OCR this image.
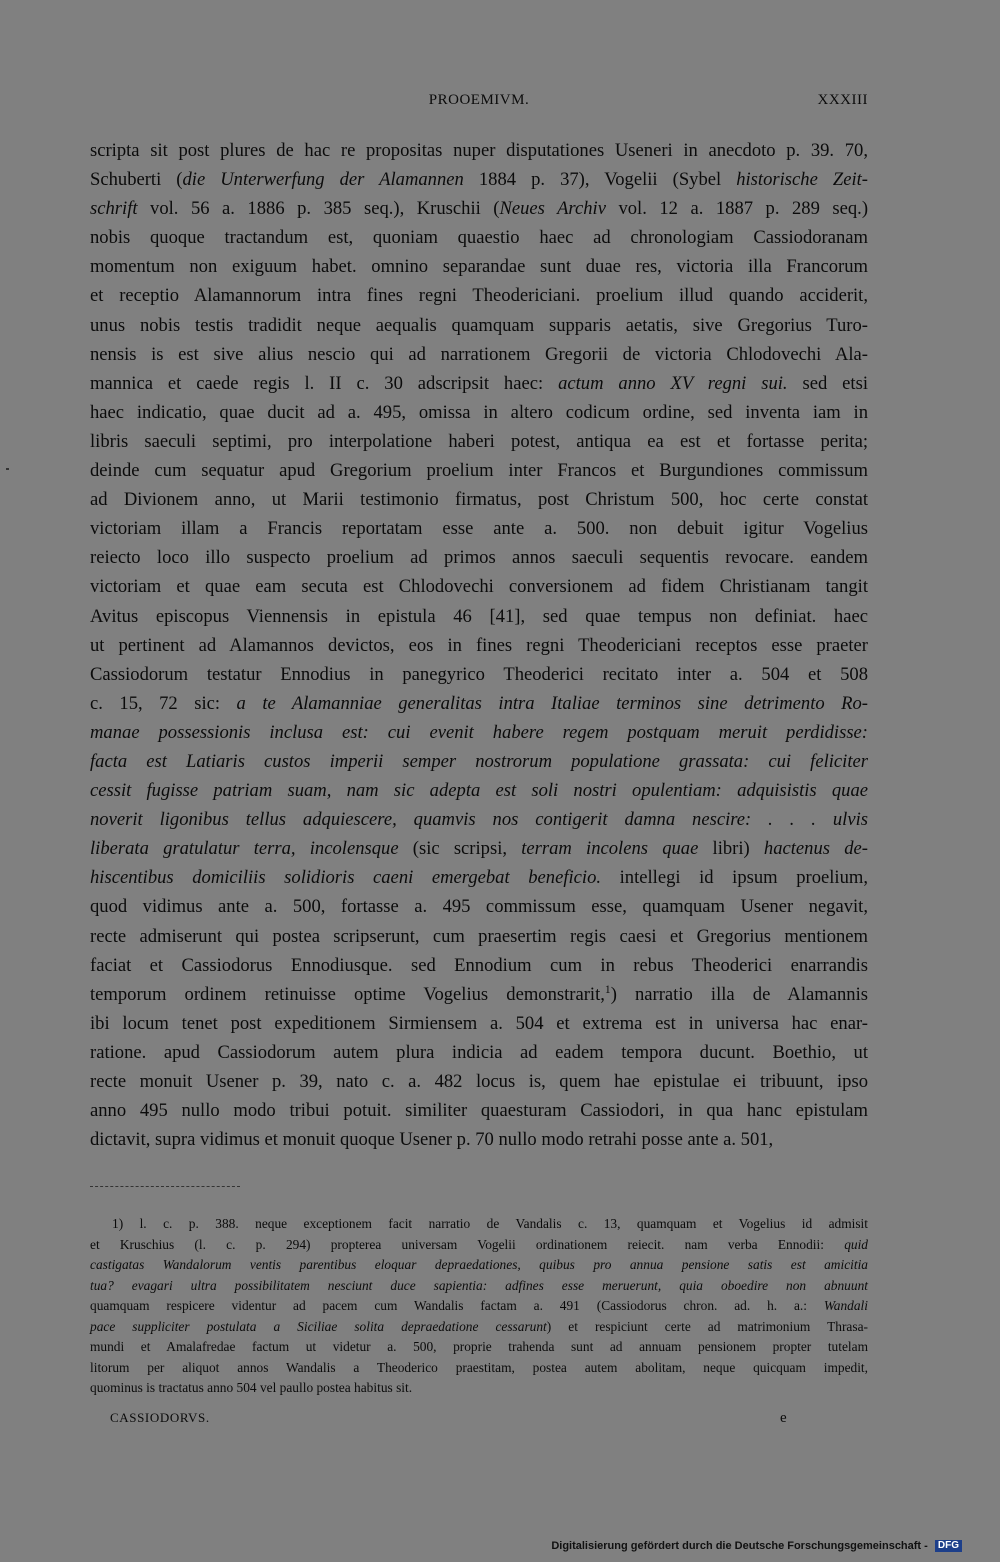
PROOEMIVM.	XXXIII
scripta sit post plures de hac re propositas nuper disputationes Useneri in anecdoto p. 39. 70,
Schuberti (die Unterwerfung der Alamannen 1884 p. 37), Vogelii (Sybel historische Zeit-
schrift vol. 56 a. 1886 p. 385 seq.), Kruschii (Neues Archiv vol. 12 a. 1887 p. 289 seq.)
nobis quoque tractandum est, quoniam quaestio haec ad chronologiam Cassiodoranam
momentum non exiguum habet. omnino separandae sunt duae res, victoria illa Francorum
et receptio Alamannorum intra fines regni Theodericiani. proelium illud quando acciderit,
unus nobis testis tradidit neque aequalis quamquam supparis aetatis, sive Gregorius Turo-
nensis is est sive alius nescio qui ad narrationem Gregorii de victoria Chlodovechi Ala-
mannica et caede regis l. II c. 30 adscripsit haec: actum anno XV regni sui. sed etsi
haec indicatio, quae ducit ad a. 495, omissa in altero codicum ordine, sed inventa iam in
libris saeculi septimi, pro interpolatione haberi potest, antiqua ea est et fortasse perita;
deinde cum sequatur apud Gregorium proelium inter Francos et Burgundiones commissum
ad Divionem anno, ut Marii testimonio firmatus, post Christum 500, hoc certe constat
victoriam illam a Francis reportatam esse ante a. 500. non debuit igitur Vogelius
reiecto loco illo suspecto proelium ad primos annos saeculi sequentis revocare. eandem
victoriam et quae eam secuta est Chlodovechi conversionem ad fidem Christianam tangit
Avitus episcopus Viennensis in epistula 46 [41], sed quae tempus non definiat. haec
ut pertinent ad Alamannos devictos, eos in fines regni Theodericiani receptos esse praeter
Cassiodorum testatur Ennodius in panegyrico Theoderici recitato inter a. 504 et 508
c. 15, 72 sic: a te Alamanniae generalitas intra Italiae terminos sine detrimento Ro-
manae possessionis inclusa est: cui evenit habere regem postquam meruit perdidisse:
facta est Latiaris custos imperii semper nostrorum populatione grassata: cui feliciter
cessit fugisse patriam suam, nam sic adepta est soli nostri opulentiam: adquisistis quae
noverit ligonibus tellus adquiescere, quamvis nos contigerit damna nescire: . . . ulvis
liberata gratulatur terra, incolensque (sic scripsi, terram incolens quae libri) hactenus de-
hiscentibus domiciliis solidioris caeni emergebat beneficio. intellegi id ipsum proelium,
quod vidimus ante a. 500, fortasse a. 495 commissum esse, quamquam Usener negavit,
recte admiserunt qui postea scripserunt, cum praesertim regis caesi et Gregorius mentionem
faciat et Cassiodorus Ennodiusque. sed Ennodium cum in rebus Theoderici enarrandis
temporum ordinem retinuisse optime Vogelius demonstrarit,$^1$) narratio illa de Alamannis
ibi locum tenet post expeditionem Sirmiensem a. 504 et extrema est in universa hac enar-
ratione. apud Cassiodorum autem plura indicia ad eadem tempora ducunt. Boethio, ut
recte monuit Usener p. 39, nato c. a. 482 locus is, quem hae epistulae ei tribuunt, ipso
anno 495 nullo modo tribui potuit. similiter quaesturam Cassiodori, in qua hanc epistulam
dictavit, supra vidimus et monuit quoque Usener p. 70 nullo modo retrahi posse ante a. 501,
1) l. c. p. 388. neque exceptionem facit narratio de Vandalis c. 13, quamquam et Vogelius id admisit
et Kruschius (l. c. p. 294) propterea universam Vogelii ordinationem reiecit. nam verba Ennodii: quid
castigatas Wandalorum ventis parentibus eloquar depraedationes, quibus pro annua pensione satis est amicitia
tua? evagari ultra possibilitatem nesciunt duce sapientia: adfines esse meruerunt, quia oboedire non abnuunt
quamquam respicere videntur ad pacem cum Wandalis factam a. 491 (Cassiodorus chron. ad. h. a.: Wandali
pace suppliciter postulata a Siciliae solita depraedatione cessarunt) et respiciunt certe ad matrimonium Thrasa-
mundi et Amalafredae factum ut videtur a. 500, proprie trahenda sunt ad annuam pensionem propter tutelam
litorum per aliquot annos Wandalis a Theoderico praestitam, postea autem abolitam, neque quicquam impedit,
quominus is tractatus anno 504 vel paullo postea habitus sit.
CASSIODORVS.	e
Digitalisierung gefördert durch die Deutsche Forschungsgemeinschaft - DFG
